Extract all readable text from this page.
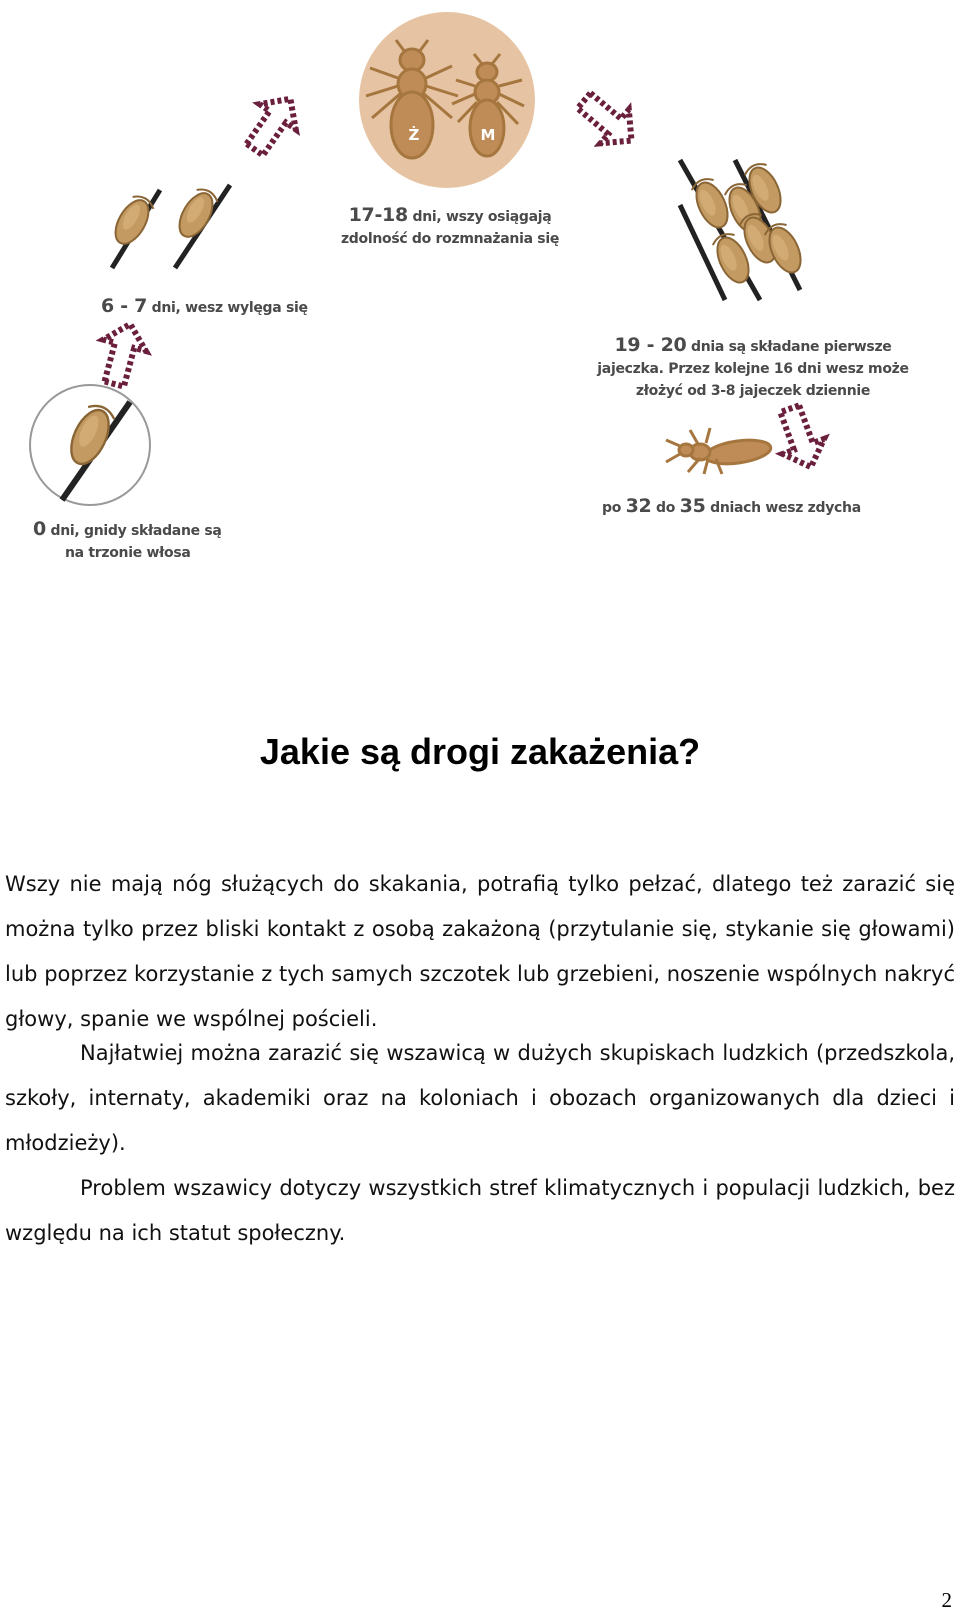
Ż	M
17-18 dni, wszy osiągają
zdolność do rozmnażania się
6 - 7 dni, wesz wylęga się
19 - 20 dnia są składane pierwsze
jajeczka. Przez kolejne 16 dni wesz może
złożyć od 3-8 jajeczek dziennie
0 dni, gnidy składane są
na trzonie włosa
po 32 do 35 dniach wesz zdycha
Jakie są drogi zakażenia?

Wszy nie mają nóg służących do skakania, potrafią tylko pełzać, dlatego też zarazić się można tylko przez bliski kontakt z osobą zakażoną (przytulanie się, stykanie się głowami) lub poprzez korzystanie z tych samych szczotek lub grzebieni, noszenie wspólnych nakryć głowy, spanie we wspólnej pościeli.

Najłatwiej można zarazić się wszawicą w dużych skupiskach ludzkich (przedszkola, szkoły, internaty, akademiki oraz na koloniach i obozach organizowanych dla dzieci i młodzieży).

Problem wszawicy dotyczy wszystkich stref klimatycznych i populacji ludzkich, bez względu na ich statut społeczny.

2
